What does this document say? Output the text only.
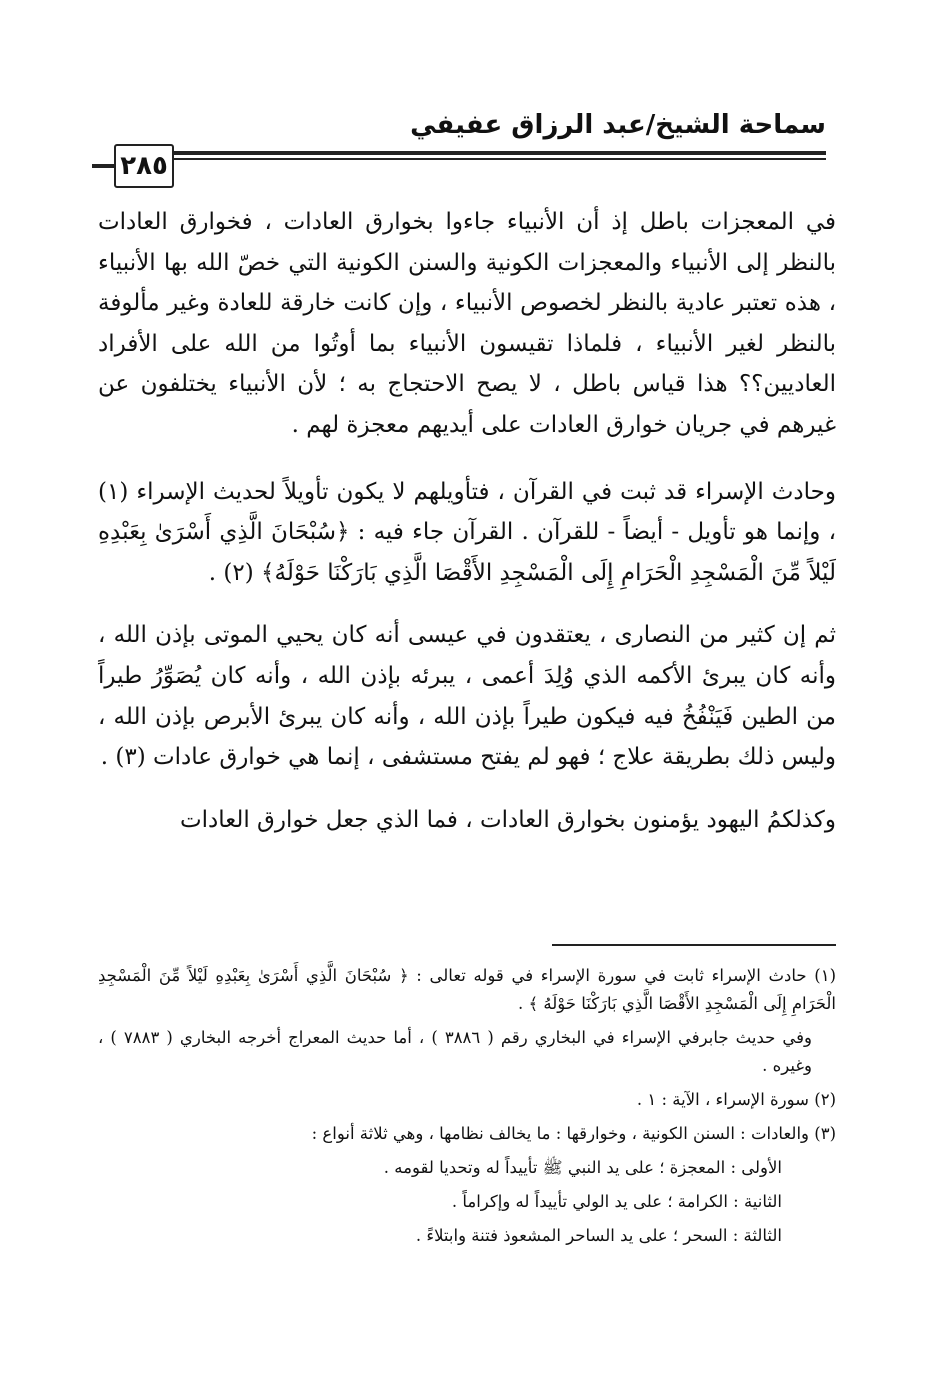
سماحة الشيخ/عبد الرزاق عفيفي
٢٨٥

في المعجزات باطل إذ أن الأنبياء جاءوا بخوارق العادات ، فخوارق العادات بالنظر إلى الأنبياء والمعجزات الكونية والسنن الكونية التي خصّ الله بها الأنبياء ، هذه تعتبر عادية بالنظر لخصوص الأنبياء ، وإن كانت خارقة للعادة وغير مألوفة بالنظر لغير الأنبياء ، فلماذا تقيسون الأنبياء بما أوتُوا من الله على الأفراد العاديين؟؟ هذا قياس باطل ، لا يصح الاحتجاج به ؛ لأن الأنبياء يختلفون عن غيرهم في جريان خوارق العادات على أيديهم معجزة لهم .

وحادث الإسراء قد ثبت في القرآن ، فتأويلهم لا يكون تأويلاً لحديث الإسراء (١) ، وإنما هو تأويل - أيضاً - للقرآن . القرآن جاء فيه : ﴿سُبْحَانَ الَّذِي أَسْرَىٰ بِعَبْدِهِ لَيْلاً مِّنَ الْمَسْجِدِ الْحَرَامِ إِلَى الْمَسْجِدِ الأَقْصَا الَّذِي بَارَكْنَا حَوْلَهُ﴾ (٢) .

ثم إن كثير من النصارى ، يعتقدون في عيسى أنه كان يحيي الموتى بإذن الله ، وأنه كان يبرئ الأكمه الذي وُلِدَ أعمى ، يبرئه بإذن الله ، وأنه كان يُصَوِّرُ طيراً من الطين فَيَنْفُخُ فيه فيكون طيراً بإذن الله ، وأنه كان يبرئ الأبرص بإذن الله ، وليس ذلك بطريقة علاج ؛ فهو لم يفتح مستشفى ، إنما هي خوارق عادات (٣) .

وكذلكمُ اليهود يؤمنون بخوارق العادات ، فما الذي جعل خوارق العادات

(١) حادث الإسراء ثابت في سورة الإسراء في قوله تعالى : ﴿ سُبْحَانَ الَّذِي أَسْرَىٰ بِعَبْدِهِ لَيْلاً مِّنَ الْمَسْجِدِ الْحَرَامِ إِلَى الْمَسْجِدِ الأَقْصَا الَّذِي بَارَكْنَا حَوْلَهُ ﴾ .
وفي حديث جابرفي الإسراء في البخاري رقم ( ٣٨٨٦ ) ، أما حديث المعراج أخرجه البخاري ( ٧٨٨٣ ) ، وغيره .
(٢) سورة الإسراء ، الآية : ١ .
(٣) والعادات : السنن الكونية ، وخوارقها : ما يخالف نظامها ، وهي ثلاثة أنواع :
الأولى : المعجزة ؛ على يد النبي ﷺ تأييداً له وتحديا لقومه .
الثانية : الكرامة ؛ على يد الولي تأييداً له وإكراماً .
الثالثة : السحر ؛ على يد الساحر المشعوذ فتنة وابتلاءً .
